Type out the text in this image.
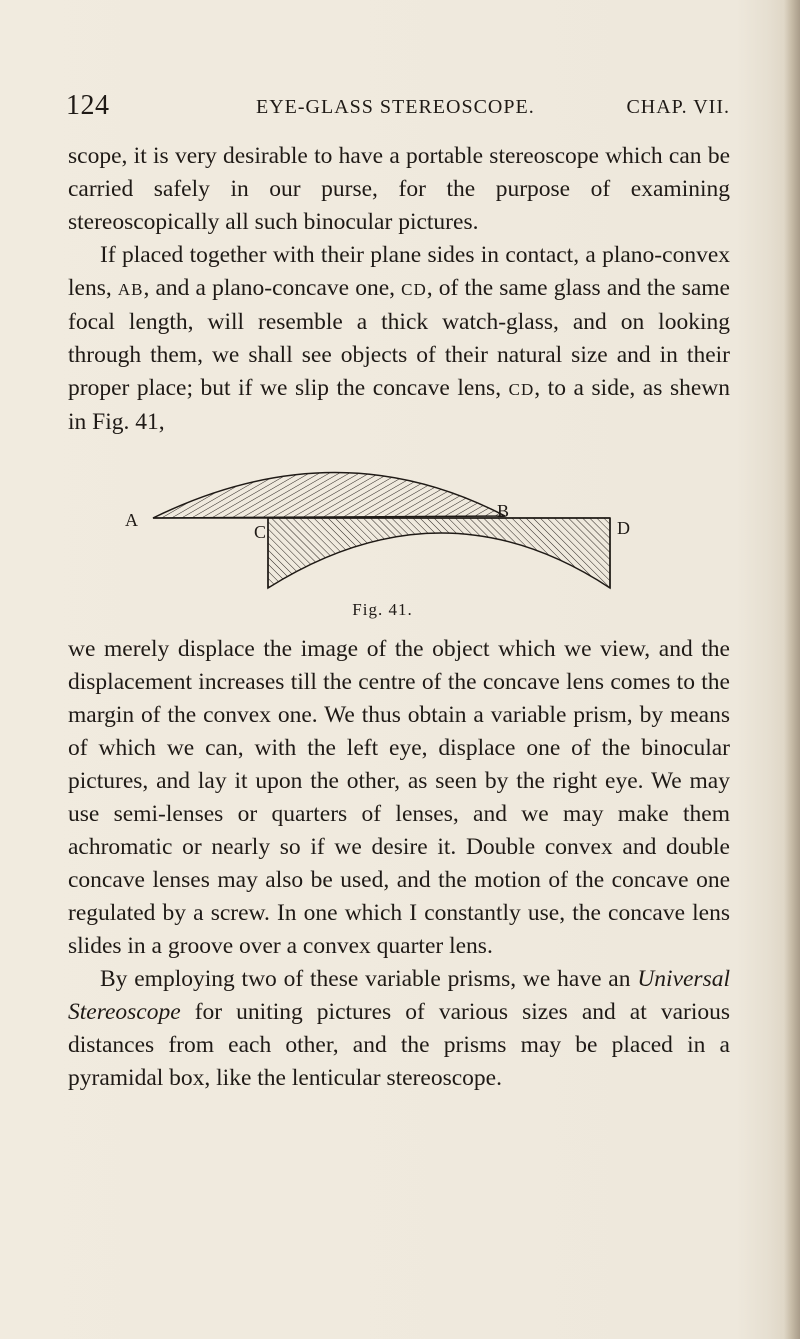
124	EYE-GLASS STEREOSCOPE.	CHAP. VII.

scope, it is very desirable to have a portable stereoscope which can be carried safely in our purse, for the purpose of examining stereoscopically all such binocular pictures.

If placed together with their plane sides in contact, a plano-convex lens, AB, and a plano-concave one, CD, of the same glass and the same focal length, will resemble a thick watch-glass, and on looking through them, we shall see objects of their natural size and in their proper place; but if we slip the concave lens, CD, to a side, as shewn in Fig. 41,

A	B
C	D
Fig. 41.

we merely displace the image of the object which we view, and the displacement increases till the centre of the concave lens comes to the margin of the convex one. We thus obtain a variable prism, by means of which we can, with the left eye, displace one of the binocular pictures, and lay it upon the other, as seen by the right eye. We may use semi-lenses or quarters of lenses, and we may make them achromatic or nearly so if we desire it. Double convex and double concave lenses may also be used, and the motion of the concave one regulated by a screw. In one which I constantly use, the concave lens slides in a groove over a convex quarter lens.

By employing two of these variable prisms, we have an Universal Stereoscope for uniting pictures of various sizes and at various distances from each other, and the prisms may be placed in a pyramidal box, like the lenticular stereoscope.
